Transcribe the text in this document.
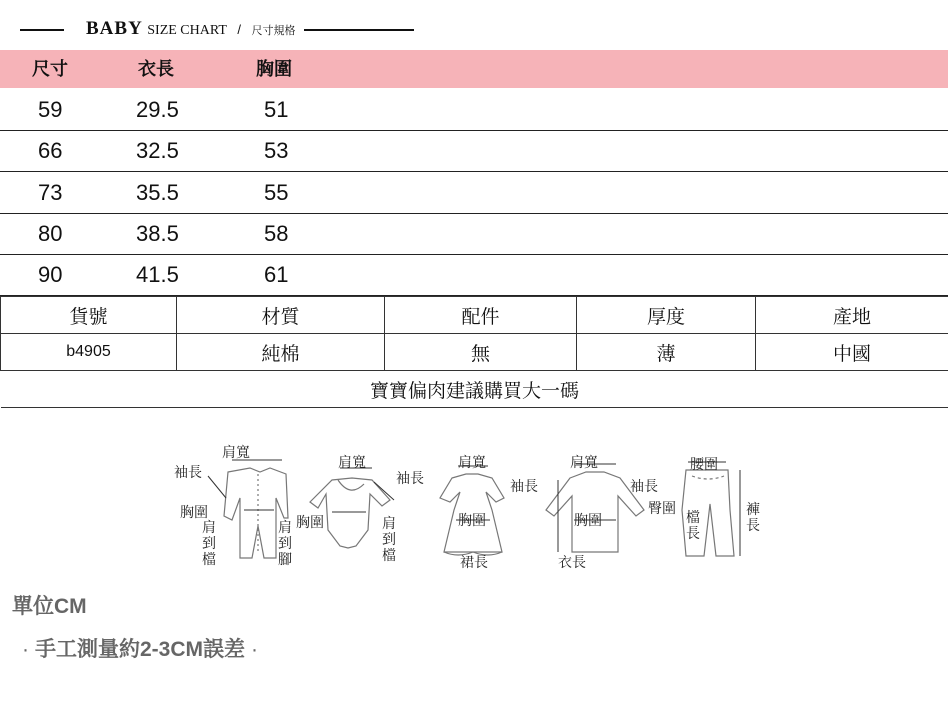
BABY SIZE CHART / 尺寸規格
尺寸	衣長	胸圍
59	29.5	51
66	32.5	53
73	35.5	55
80	38.5	58
90	41.5	61
貨號	材質	配件	厚度	產地
b4905	純棉	無	薄	中國
寶寶偏肉建議購買大一碼				
肩寬
袖長
胸圍
肩到檔
肩到腳
肩寬
袖長
胸圍	肩到檔
肩寬
袖長
胸圍
裙長
肩寬
袖長
胸圍
衣長
腰圍
臀圍
檔長
褲長
單位CM
· 手工測量約2-3CM誤差 ·
